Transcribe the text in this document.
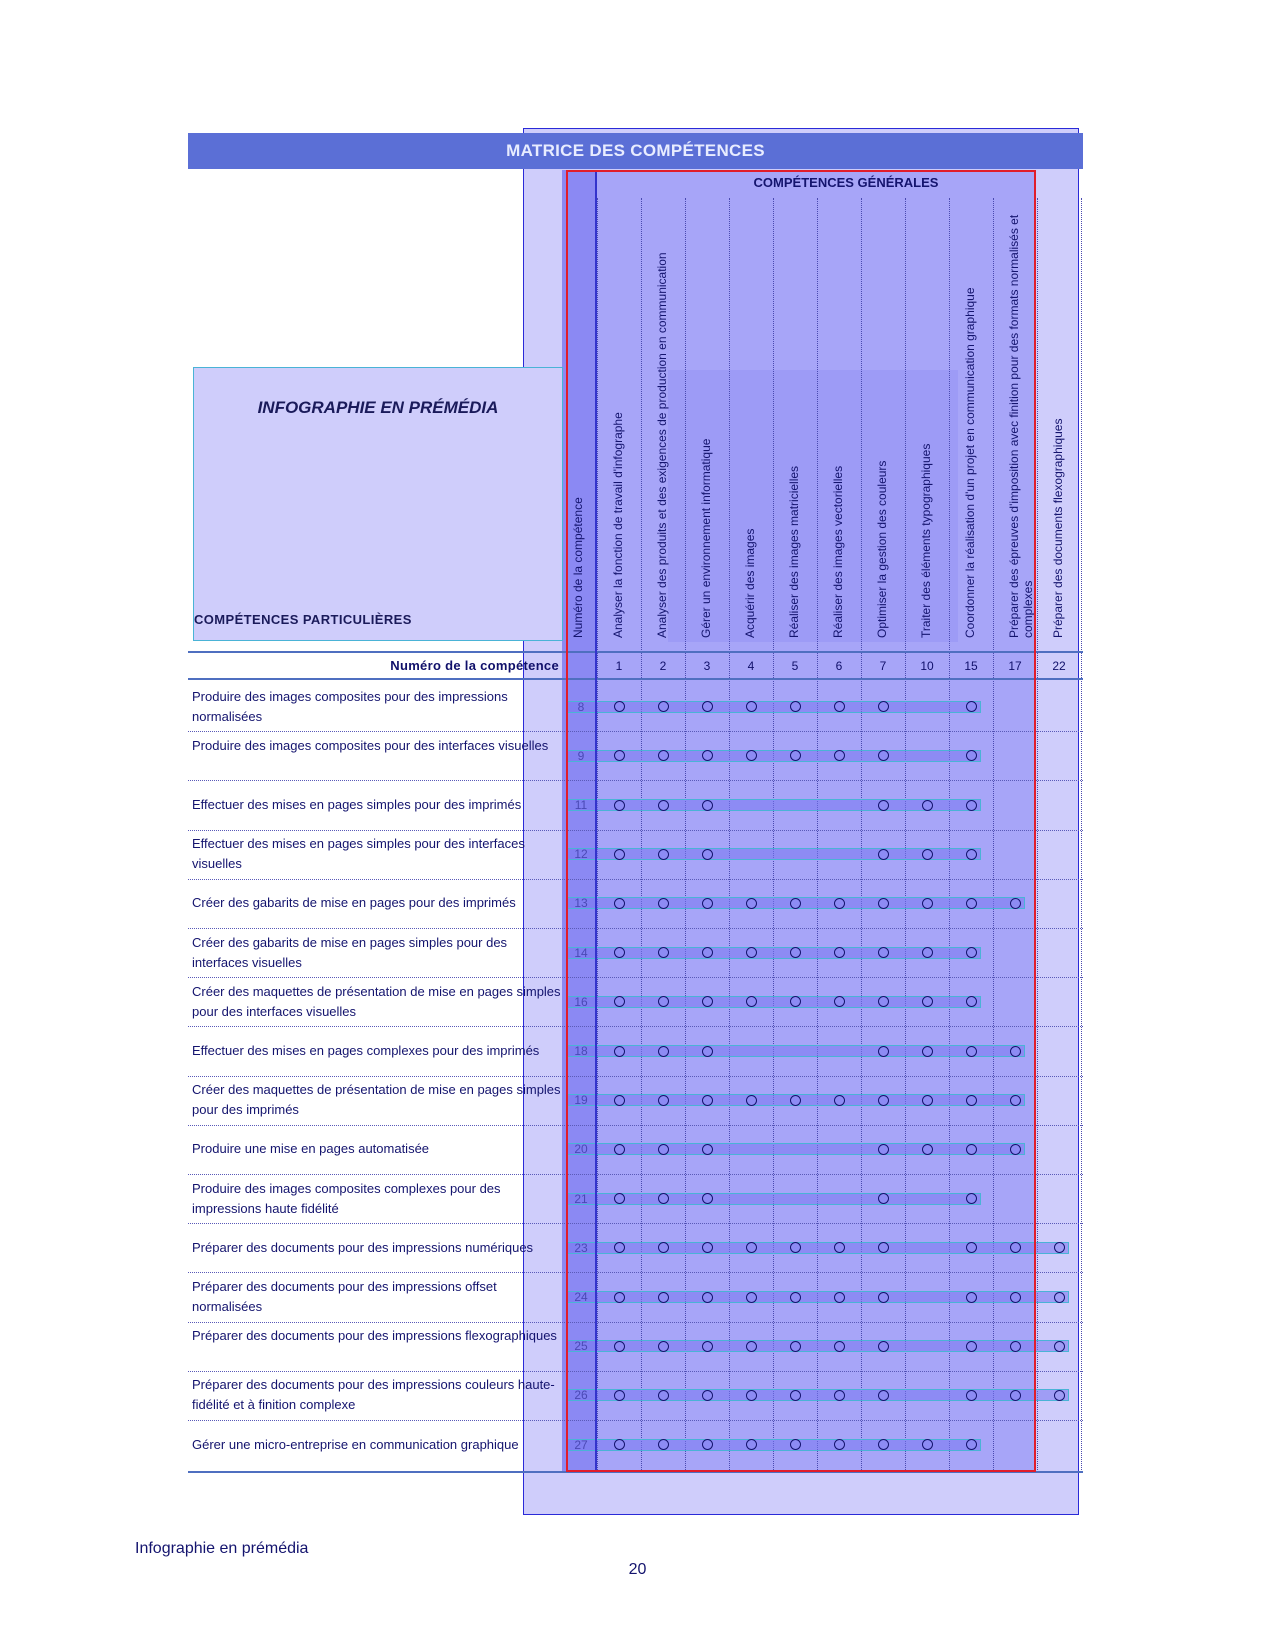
MATRICE DES COMPÉTENCES
COMPÉTENCES GÉNÉRALES
INFOGRAPHIE EN PRÉMÉDIA
COMPÉTENCES PARTICULIÈRES	Numéro de la compétence Analyser la fonction de travail d'infographe
1
Analyser des produits et des exigences de production en communication
2
Gérer un environnement informatique
3
Acquérir des images
4
Réaliser des images matricielles
5
Réaliser des images vectorielles
6
Optimiser la gestion des couleurs
7
Traiter des éléments typographiques
10
Coordonner la réalisation d'un projet en communication graphique
15
Préparer des épreuves d'imposition avec finition pour des formats normalisés et complexes
17
Préparer des documents flexographiques
22
Produire des images composites pour des impressions normalisées
Produire des images composites pour des interfaces visuelles
Effectuer des mises en pages simples pour des imprimés
Effectuer des mises en pages simples pour des interfaces visuelles
Créer des gabarits de mise en pages pour des imprimés
Créer des gabarits de mise en pages simples pour des interfaces visuelles
Créer des maquettes de présentation de mise en pages simples pour des interfaces visuelles
Effectuer des mises en pages complexes pour des imprimés
Créer des maquettes de présentation de mise en pages simples pour des imprimés
Produire une mise en pages automatisée
Produire des images composites complexes pour des impressions haute fidélité
Préparer des documents pour des impressions numériques
Préparer des documents pour des impressions offset normalisées
Préparer des documents pour des impressions flexographiques
Préparer des documents pour des impressions couleurs haute-fidélité et à finition complexe
Gérer une micro-entreprise en communication graphique
Numéro de la compétence
Infographie en prémédia
20
